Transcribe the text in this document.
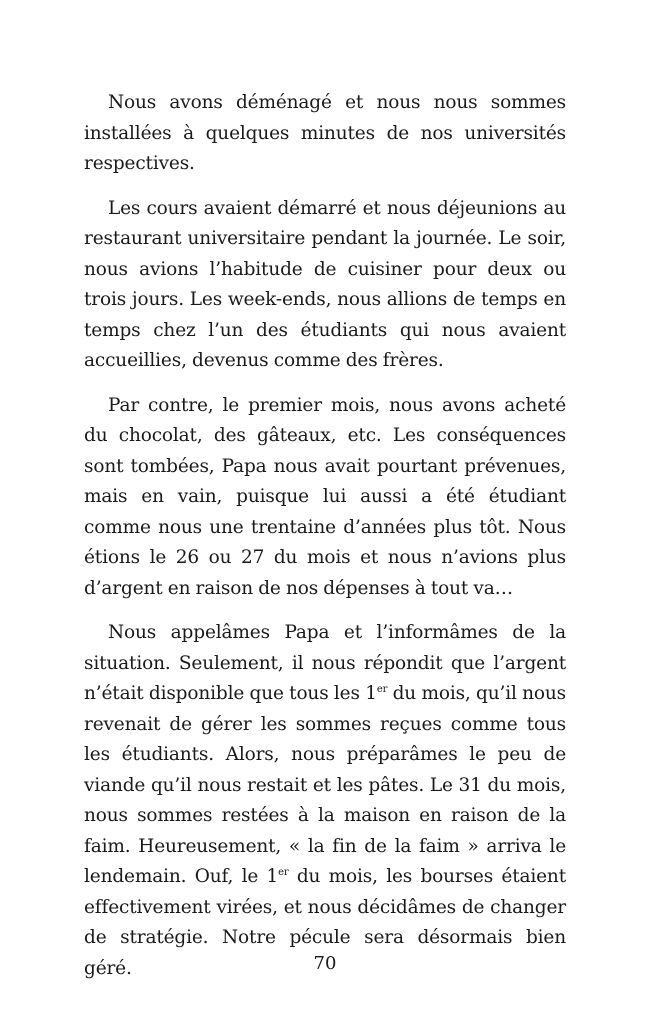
Nous avons déménagé et nous nous sommes installées à quelques minutes de nos universités respectives.

Les cours avaient démarré et nous déjeunions au restaurant universitaire pendant la journée. Le soir, nous avions l’habitude de cuisiner pour deux ou trois jours. Les week-ends, nous allions de temps en temps chez l’un des étudiants qui nous avaient accueillies, devenus comme des frères.

Par contre, le premier mois, nous avons acheté du chocolat, des gâteaux, etc. Les conséquences sont tombées, Papa nous avait pourtant prévenues, mais en vain, puisque lui aussi a été étudiant comme nous une trentaine d’années plus tôt. Nous étions le 26 ou 27 du mois et nous n’avions plus d’argent en raison de nos dépenses à tout va…

Nous appelâmes Papa et l’informâmes de la situation. Seulement, il nous répondit que l’argent n’était disponible que tous les 1er du mois, qu’il nous revenait de gérer les sommes reçues comme tous les étudiants. Alors, nous préparâmes le peu de viande qu’il nous restait et les pâtes. Le 31 du mois, nous sommes restées à la maison en raison de la faim. Heureusement, « la fin de la faim » arriva le lendemain. Ouf, le 1er du mois, les bourses étaient effectivement virées, et nous décidâmes de changer de stratégie. Notre pécule sera désormais bien géré.	70
